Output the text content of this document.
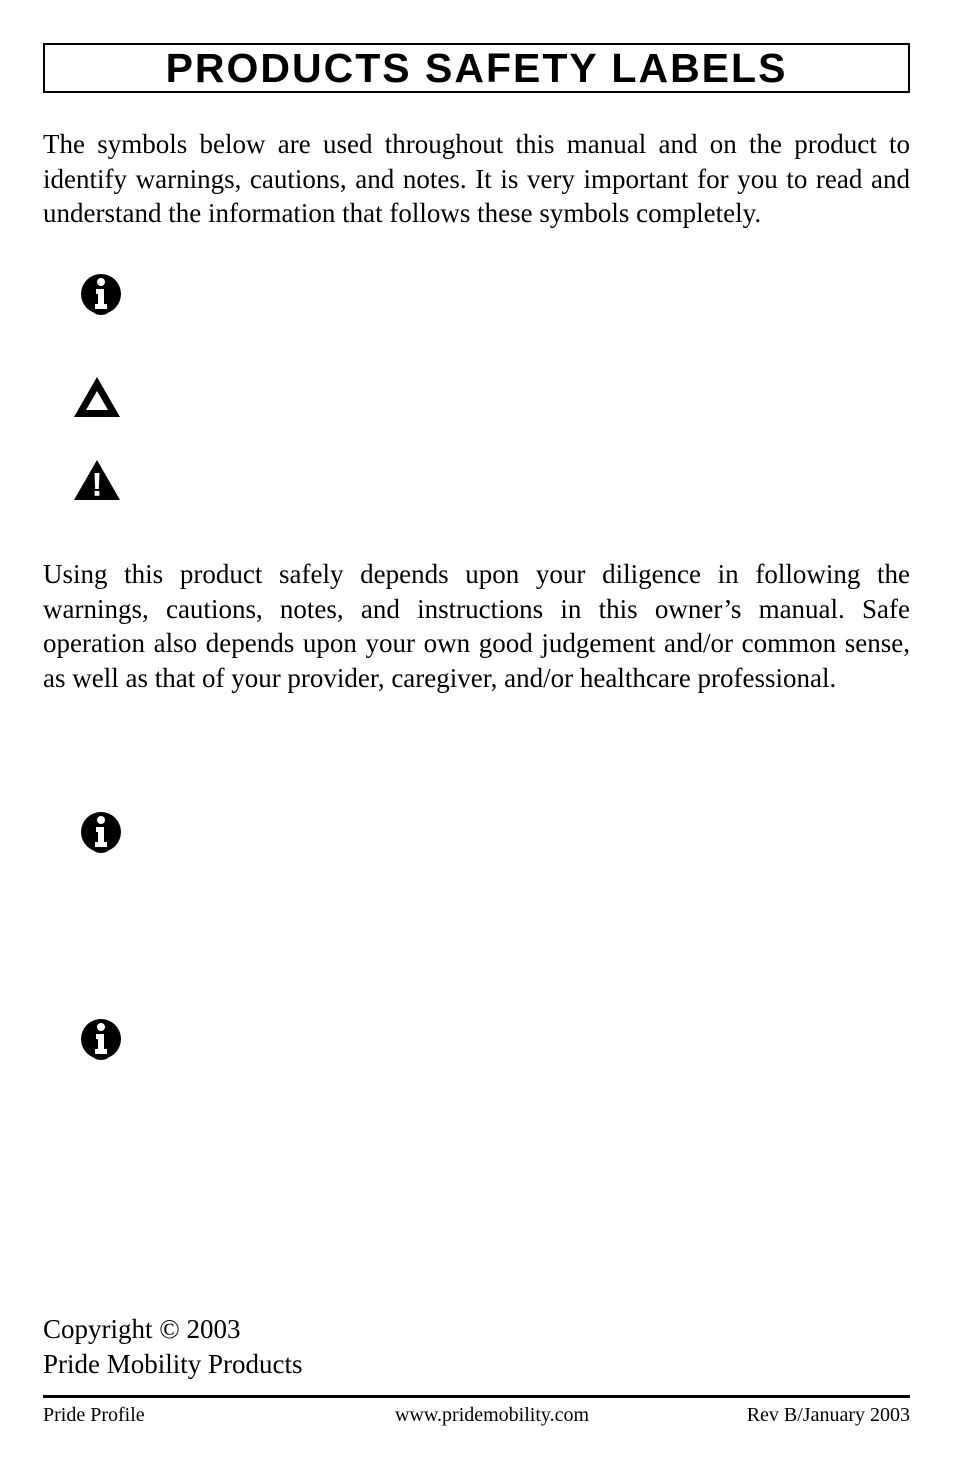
PRODUCTS SAFETY LABELS

The symbols below are used throughout this manual and on the product to identify warnings, cautions, and notes. It is very important for you to read and understand the information that follows these symbols completely.

Using this product safely depends upon your diligence in following the warnings, cautions, notes, and instructions in this owner’s manual. Safe operation also depends upon your own good judgement and/or common sense, as well as that of your provider, caregiver, and/or healthcare professional.

Copyright © 2003
Pride Mobility Products
Pride Profile	www.pridemobility.com	Rev B/January 2003
